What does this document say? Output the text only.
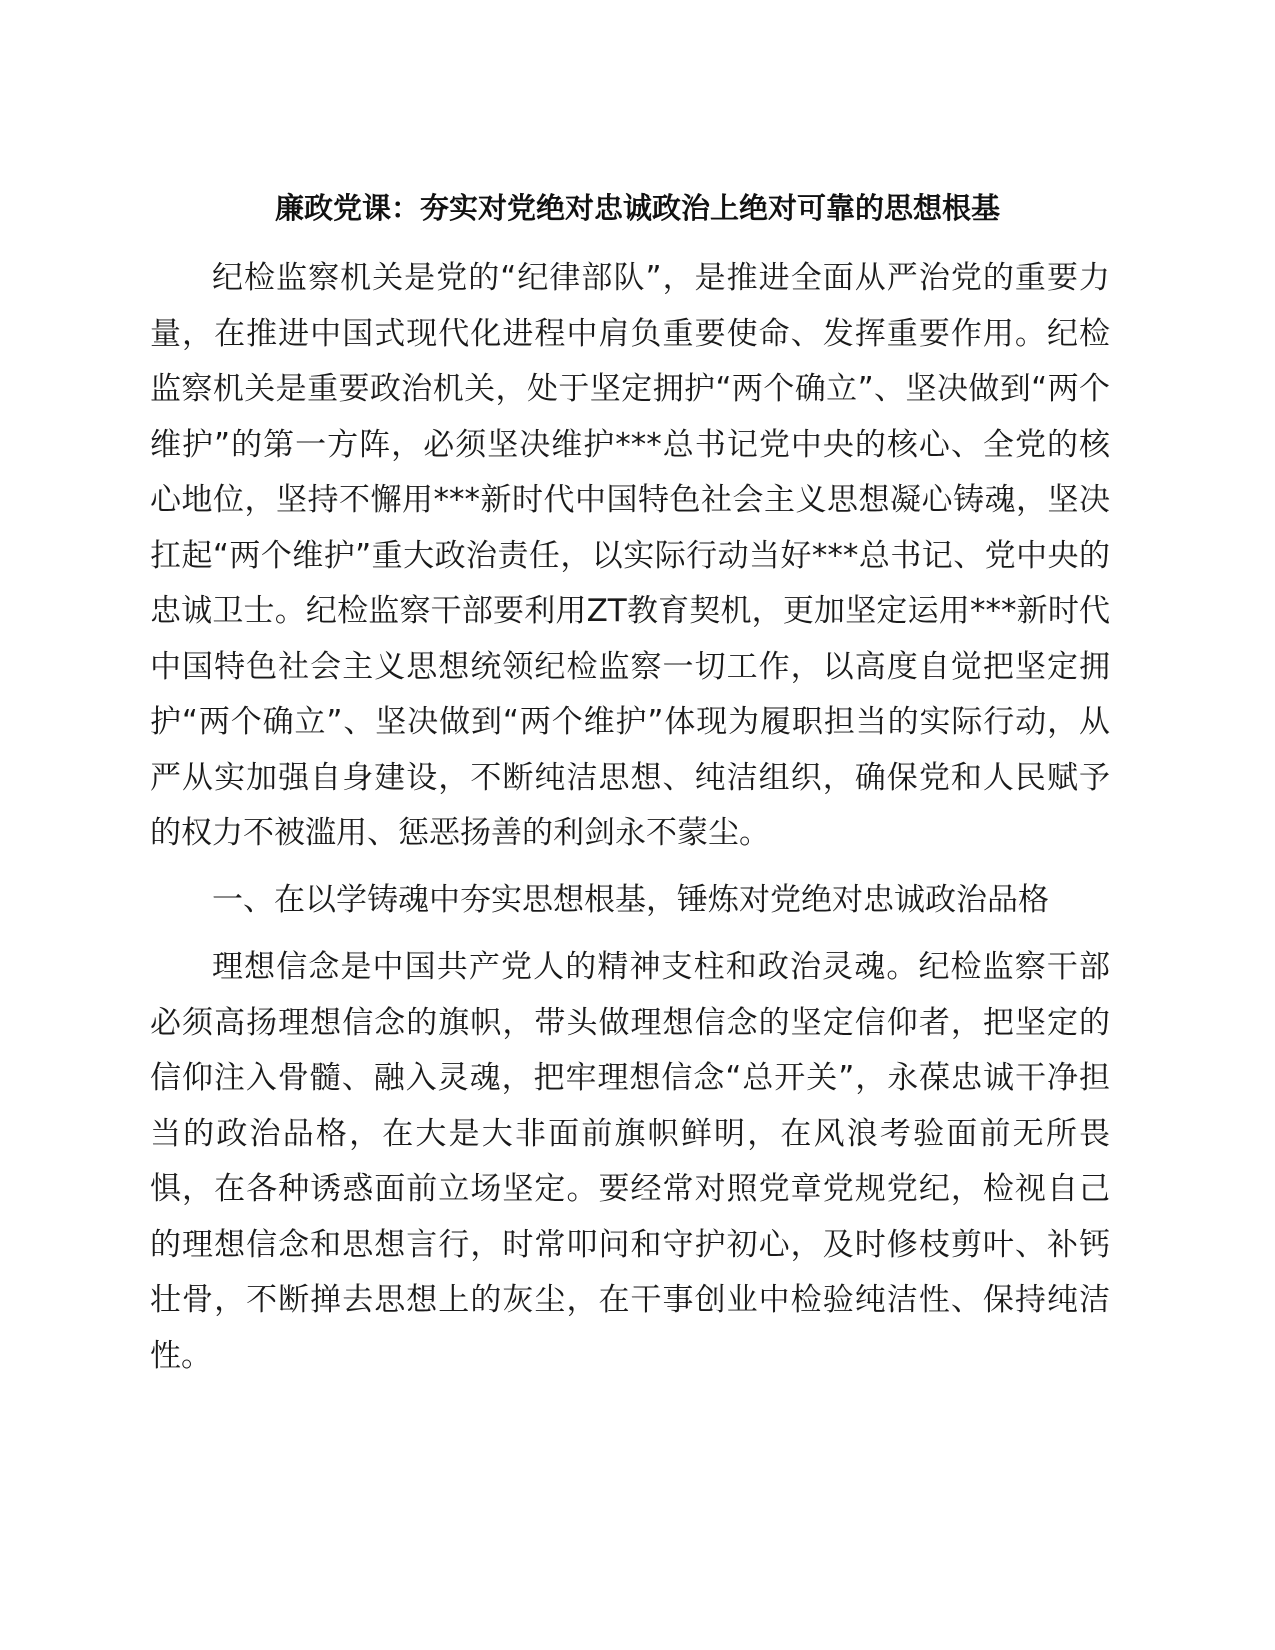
廉政党课：夯实对党绝对忠诚政治上绝对可靠的思想根基

纪检监察机关是党的“纪律部队”，是推进全面从严治党的重要力量，在推进中国式现代化进程中肩负重要使命、发挥重要作用。纪检监察机关是重要政治机关，处于坚定拥护“两个确立”、坚决做到“两个维护”的第一方阵，必须坚决维护***总书记党中央的核心、全党的核心地位，坚持不懈用***新时代中国特色社会主义思想凝心铸魂，坚决扛起“两个维护”重大政治责任，以实际行动当好***总书记、党中央的忠诚卫士。纪检监察干部要利用ZT教育契机，更加坚定运用***新时代中国特色社会主义思想统领纪检监察一切工作，以高度自觉把坚定拥护“两个确立”、坚决做到“两个维护”体现为履职担当的实际行动，从严从实加强自身建设，不断纯洁思想、纯洁组织，确保党和人民赋予的权力不被滥用、惩恶扬善的利剑永不蒙尘。

一、在以学铸魂中夯实思想根基，锤炼对党绝对忠诚政治品格

理想信念是中国共产党人的精神支柱和政治灵魂。纪检监察干部必须高扬理想信念的旗帜，带头做理想信念的坚定信仰者，把坚定的信仰注入骨髓、融入灵魂，把牢理想信念“总开关”，永葆忠诚干净担当的政治品格，在大是大非面前旗帜鲜明，在风浪考验面前无所畏惧，在各种诱惑面前立场坚定。要经常对照党章党规党纪，检视自己的理想信念和思想言行，时常叩问和守护初心，及时修枝剪叶、补钙壮骨，不断掸去思想上的灰尘，在干事创业中检验纯洁性、保持纯洁性。
